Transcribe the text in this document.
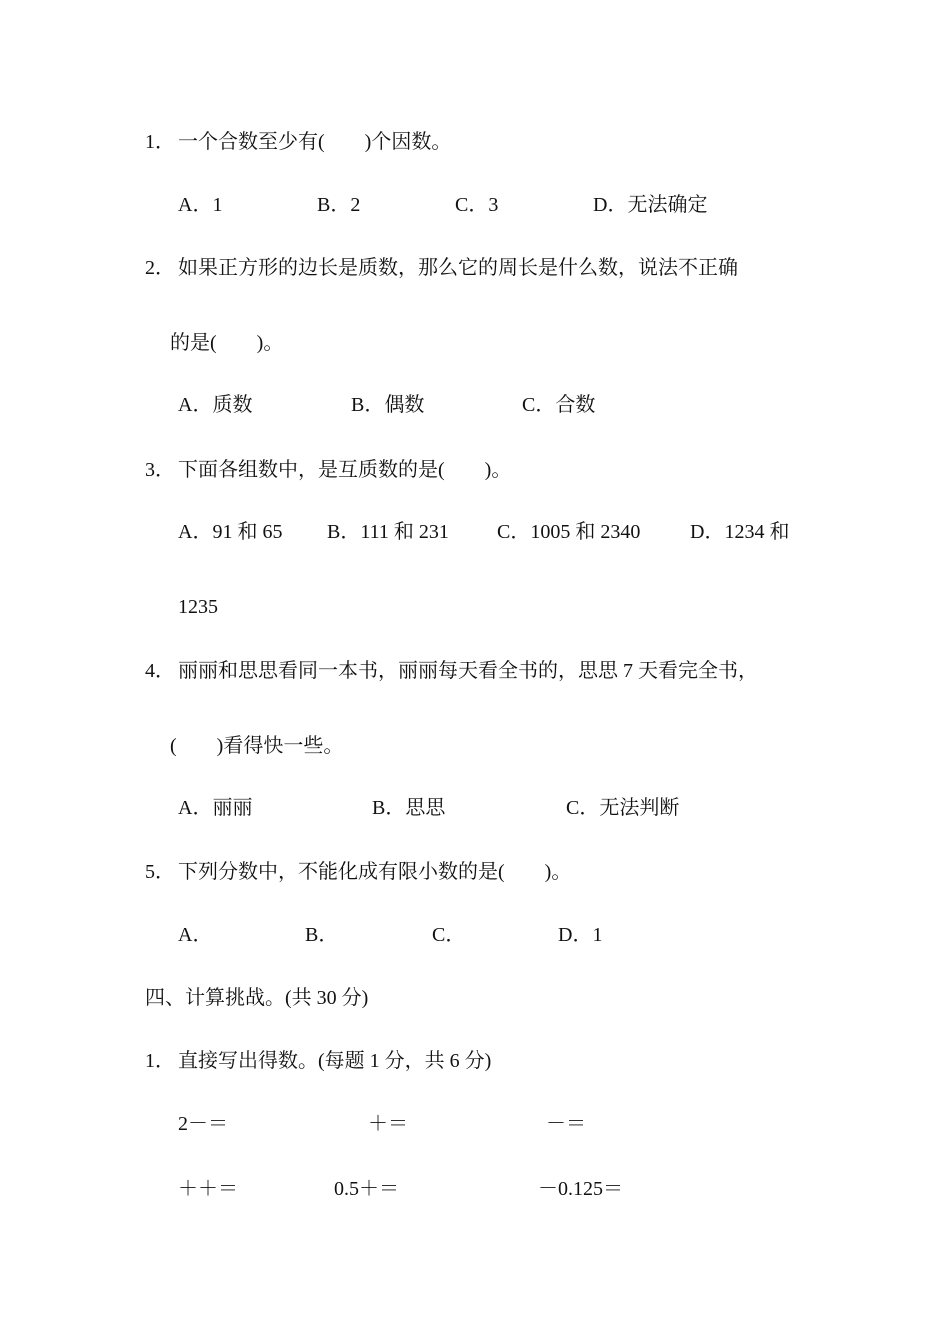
1． 一个合数至少有(　　)个因数。
A．1	B．2	C．3	D．无法确定
2． 如果正方形的边长是质数，那么它的周长是什么数，说法不正确
的是(　　)。
A．质数	B．偶数	C．合数
3． 下面各组数中，是互质数的是(　　)。
A．91 和 65 B．111 和 231 C．1005 和 2340 D．1234 和
1235
4． 丽丽和思思看同一本书，丽丽每天看全书的，思思 7 天看完全书，
(　　)看得快一些。
A．丽丽	B．思思	C．无法判断
5． 下列分数中，不能化成有限小数的是(　　)。
A．	B．	C．	D．1
四、计算挑战。(共 30 分)
1． 直接写出得数。(每题 1 分，共 6 分)
2－＝	＋＝	－＝
＋＋＝	0.5＋＝	－0.125＝
